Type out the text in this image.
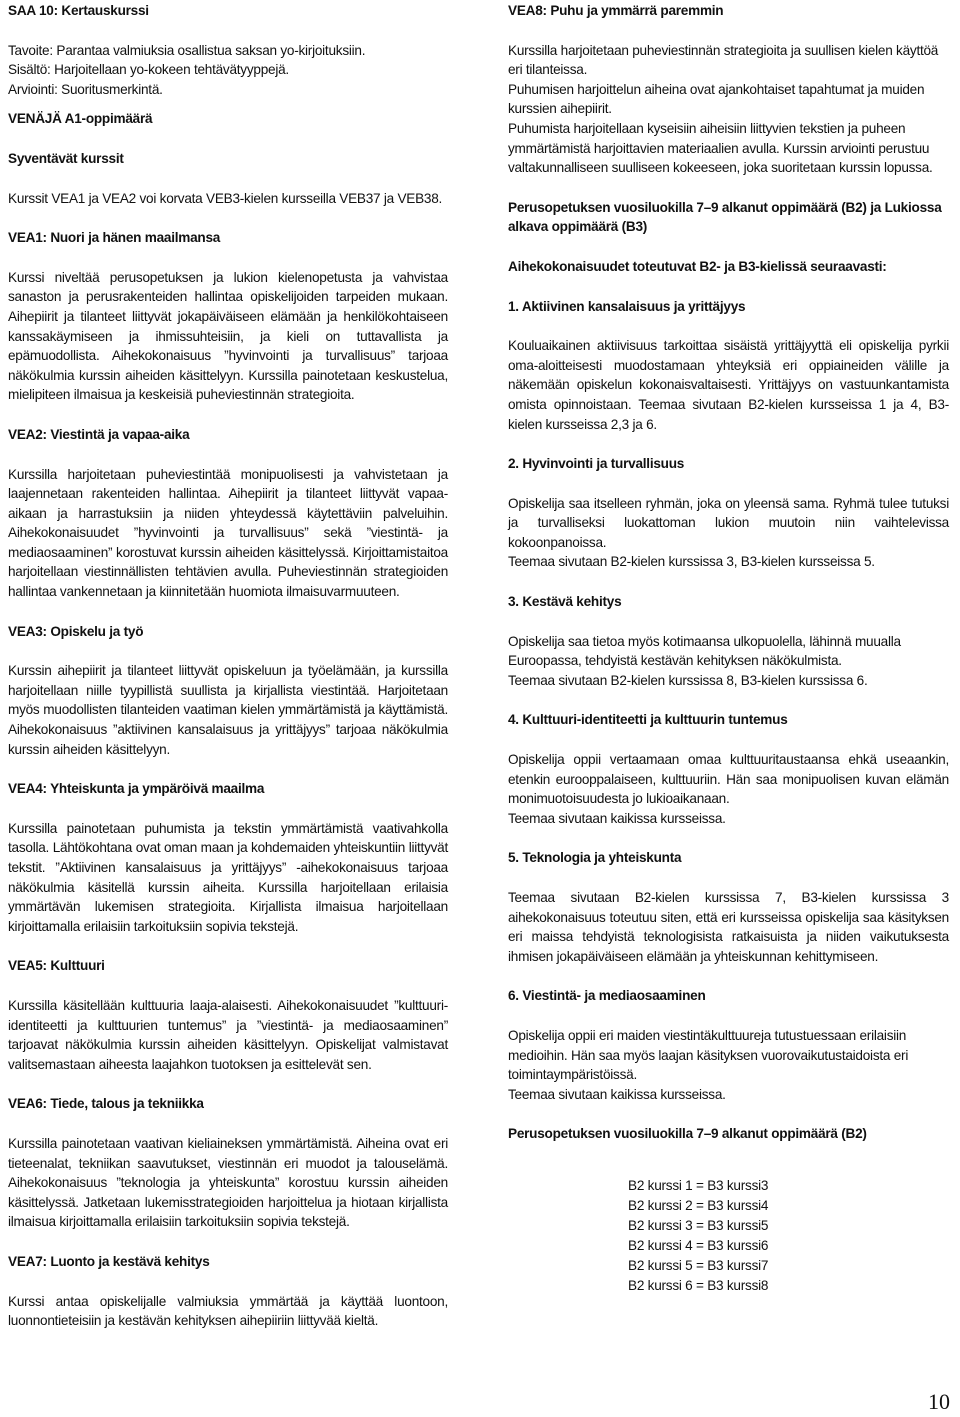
SAA 10: Kertauskurssi

Tavoite: Parantaa valmiuksia osallistua saksan yo-kirjoituksiin.

Sisältö: Harjoitellaan yo-kokeen tehtävätyyppejä.

Arviointi: Suoritusmerkintä.

VENÄJÄ A1-oppimäärä

Syventävät kurssit

Kurssit VEA1 ja VEA2 voi korvata VEB3-kielen kursseilla VEB37 ja VEB38.

VEA1: Nuori ja hänen maailmansa

Kurssi niveltää perusopetuksen ja lukion kielenopetusta ja vahvistaa sanaston ja perusrakenteiden hallintaa opiskelijoiden tarpeiden mukaan. Aihepiirit ja tilanteet liittyvät jokapäiväiseen elämään ja henkilökohtaiseen kanssakäymiseen ja ihmissuhteisiin, ja kieli on tuttavallista ja epämuodollista. Aihekokonaisuus ”hyvinvointi ja turvallisuus” tarjoaa näkökulmia kurssin aiheiden käsittelyyn. Kurssilla painotetaan keskustelua, mielipiteen ilmaisua ja keskeisiä puheviestinnän strategioita.

VEA2: Viestintä ja vapaa-aika

Kurssilla harjoitetaan puheviestintää monipuolisesti ja vahvistetaan ja laajennetaan rakenteiden hallintaa. Aihepiirit ja tilanteet liittyvät vapaa-aikaan ja harrastuksiin ja niiden yhteydessä käytettäviin palveluihin. Aihekokonaisuudet ”hyvinvointi ja turvallisuus” sekä ”viestintä- ja mediaosaaminen” korostuvat kurssin aiheiden käsittelyssä. Kirjoittamistaitoa harjoitellaan viestinnällisten tehtävien avulla. Puheviestinnän strategioiden hallintaa vankennetaan ja kiinnitetään huomiota ilmaisuvarmuuteen.

VEA3: Opiskelu ja työ

Kurssin aihepiirit ja tilanteet liittyvät opiskeluun ja työelämään, ja kurssilla harjoitellaan niille tyypillistä suullista ja kirjallista viestintää. Harjoitetaan myös muodollisten tilanteiden vaatiman kielen ymmärtämistä ja käyttämistä. Aihekokonaisuus ”aktiivinen kansalaisuus ja yrittäjyys” tarjoaa näkökulmia kurssin aiheiden käsittelyyn.

VEA4: Yhteiskunta ja ympäröivä maailma

Kurssilla painotetaan puhumista ja tekstin ymmärtämistä vaativahkolla tasolla. Lähtökohtana ovat oman maan ja kohdemaiden yhteiskuntiin liittyvät tekstit. ”Aktiivinen kansalaisuus ja yrittäjyys” -aihekokonaisuus tarjoaa näkökulmia käsitellä kurssin aiheita. Kurssilla harjoitellaan erilaisia ymmärtävän lukemisen strategioita. Kirjallista ilmaisua harjoitellaan kirjoittamalla erilaisiin tarkoituksiin sopivia tekstejä.

VEA5: Kulttuuri

Kurssilla käsitellään kulttuuria laaja-alaisesti. Aihekokonaisuudet ”kulttuuri-identiteetti ja kulttuurien tuntemus” ja ”viestintä- ja mediaosaaminen” tarjoavat näkökulmia kurssin aiheiden käsittelyyn. Opiskelijat valmistavat valitsemastaan aiheesta laajahkon tuotoksen ja esittelevät sen.

VEA6: Tiede, talous ja tekniikka

Kurssilla painotetaan vaativan kieliaineksen ymmärtämistä. Aiheina ovat eri tieteenalat, tekniikan saavutukset, viestinnän eri muodot ja talouselämä. Aihekokonaisuus ”teknologia ja yhteiskunta” korostuu kurssin aiheiden käsittelyssä. Jatketaan lukemisstrategioiden harjoittelua ja hiotaan kirjallista ilmaisua kirjoittamalla erilaisiin tarkoituksiin sopivia tekstejä.

VEA7: Luonto ja kestävä kehitys

Kurssi antaa opiskelijalle valmiuksia ymmärtää ja käyttää luontoon, luonnontieteisiin ja kestävän kehityksen aihepiiriin liittyvää kieltä.

VEA8: Puhu ja ymmärrä paremmin

Kurssilla harjoitetaan puheviestinnän strategioita ja suullisen kielen käyttöä eri tilanteissa.

Puhumisen harjoittelun aiheina ovat ajankohtaiset tapahtumat ja muiden kurssien aihepiirit.

Puhumista harjoitellaan kyseisiin aiheisiin liittyvien tekstien ja puheen ymmärtämistä harjoittavien materiaalien avulla. Kurssin arviointi perustuu valtakunnalliseen suulliseen kokeeseen, joka suoritetaan kurssin lopussa.

Perusopetuksen vuosiluokilla 7–9 alkanut oppimäärä (B2) ja Lukiossa alkava oppimäärä (B3)

Aihekokonaisuudet toteutuvat B2- ja B3-kielissä seuraavasti:

1. Aktiivinen kansalaisuus ja yrittäjyys

Kouluaikainen aktiivisuus tarkoittaa sisäistä yrittäjyyttä eli opiskelija pyrkii oma-aloitteisesti muodostamaan yhteyksiä eri oppiaineiden välille ja näkemään opiskelun kokonaisvaltaisesti. Yrittäjyys on vastuunkantamista omista opinnoistaan. Teemaa sivutaan B2-kielen kursseissa 1 ja 4, B3-kielen kursseissa 2,3 ja 6.

2. Hyvinvointi ja turvallisuus

Opiskelija saa itselleen ryhmän, joka on yleensä sama. Ryhmä tulee tutuksi ja turvalliseksi luokattoman lukion muutoin niin vaihtelevissa kokoonpanoissa.

Teemaa sivutaan B2-kielen kurssissa 3, B3-kielen kursseissa 5.

3. Kestävä kehitys

Opiskelija saa tietoa myös kotimaansa ulkopuolella, lähinnä muualla Euroopassa, tehdyistä kestävän kehityksen näkökulmista.

Teemaa sivutaan B2-kielen kurssissa 8, B3-kielen kurssissa 6.

4. Kulttuuri-identiteetti ja kulttuurin tuntemus

Opiskelija oppii vertaamaan omaa kulttuuritaustaansa ehkä useaankin, etenkin eurooppalaiseen, kulttuuriin. Hän saa monipuolisen kuvan elämän monimuotoisuudesta jo lukioaikanaan.

Teemaa sivutaan kaikissa kursseissa.

5. Teknologia ja yhteiskunta

Teemaa sivutaan B2-kielen kurssissa 7, B3-kielen kurssissa 3 aihekokonaisuus toteutuu siten, että eri kursseissa opiskelija saa käsityksen eri maissa tehdyistä teknologisista ratkaisuista ja niiden vaikutuksesta ihmisen jokapäiväiseen elämään ja yhteiskunnan kehittymiseen.

6. Viestintä- ja mediaosaaminen

Opiskelija oppii eri maiden viestintäkulttuureja tutustuessaan erilaisiin medioihin. Hän saa myös laajan käsityksen vuorovaikutustaidoista eri toimintaympäristöissä.

Teemaa sivutaan kaikissa kursseissa.

Perusopetuksen vuosiluokilla 7–9 alkanut oppimäärä (B2)

B2 kurssi 1 = B3 kurssi3

B2 kurssi 2 = B3 kurssi4

B2 kurssi 3 = B3 kurssi5

B2 kurssi 4 = B3 kurssi6

B2 kurssi 5 = B3 kurssi7

B2 kurssi 6 = B3 kurssi8

10
